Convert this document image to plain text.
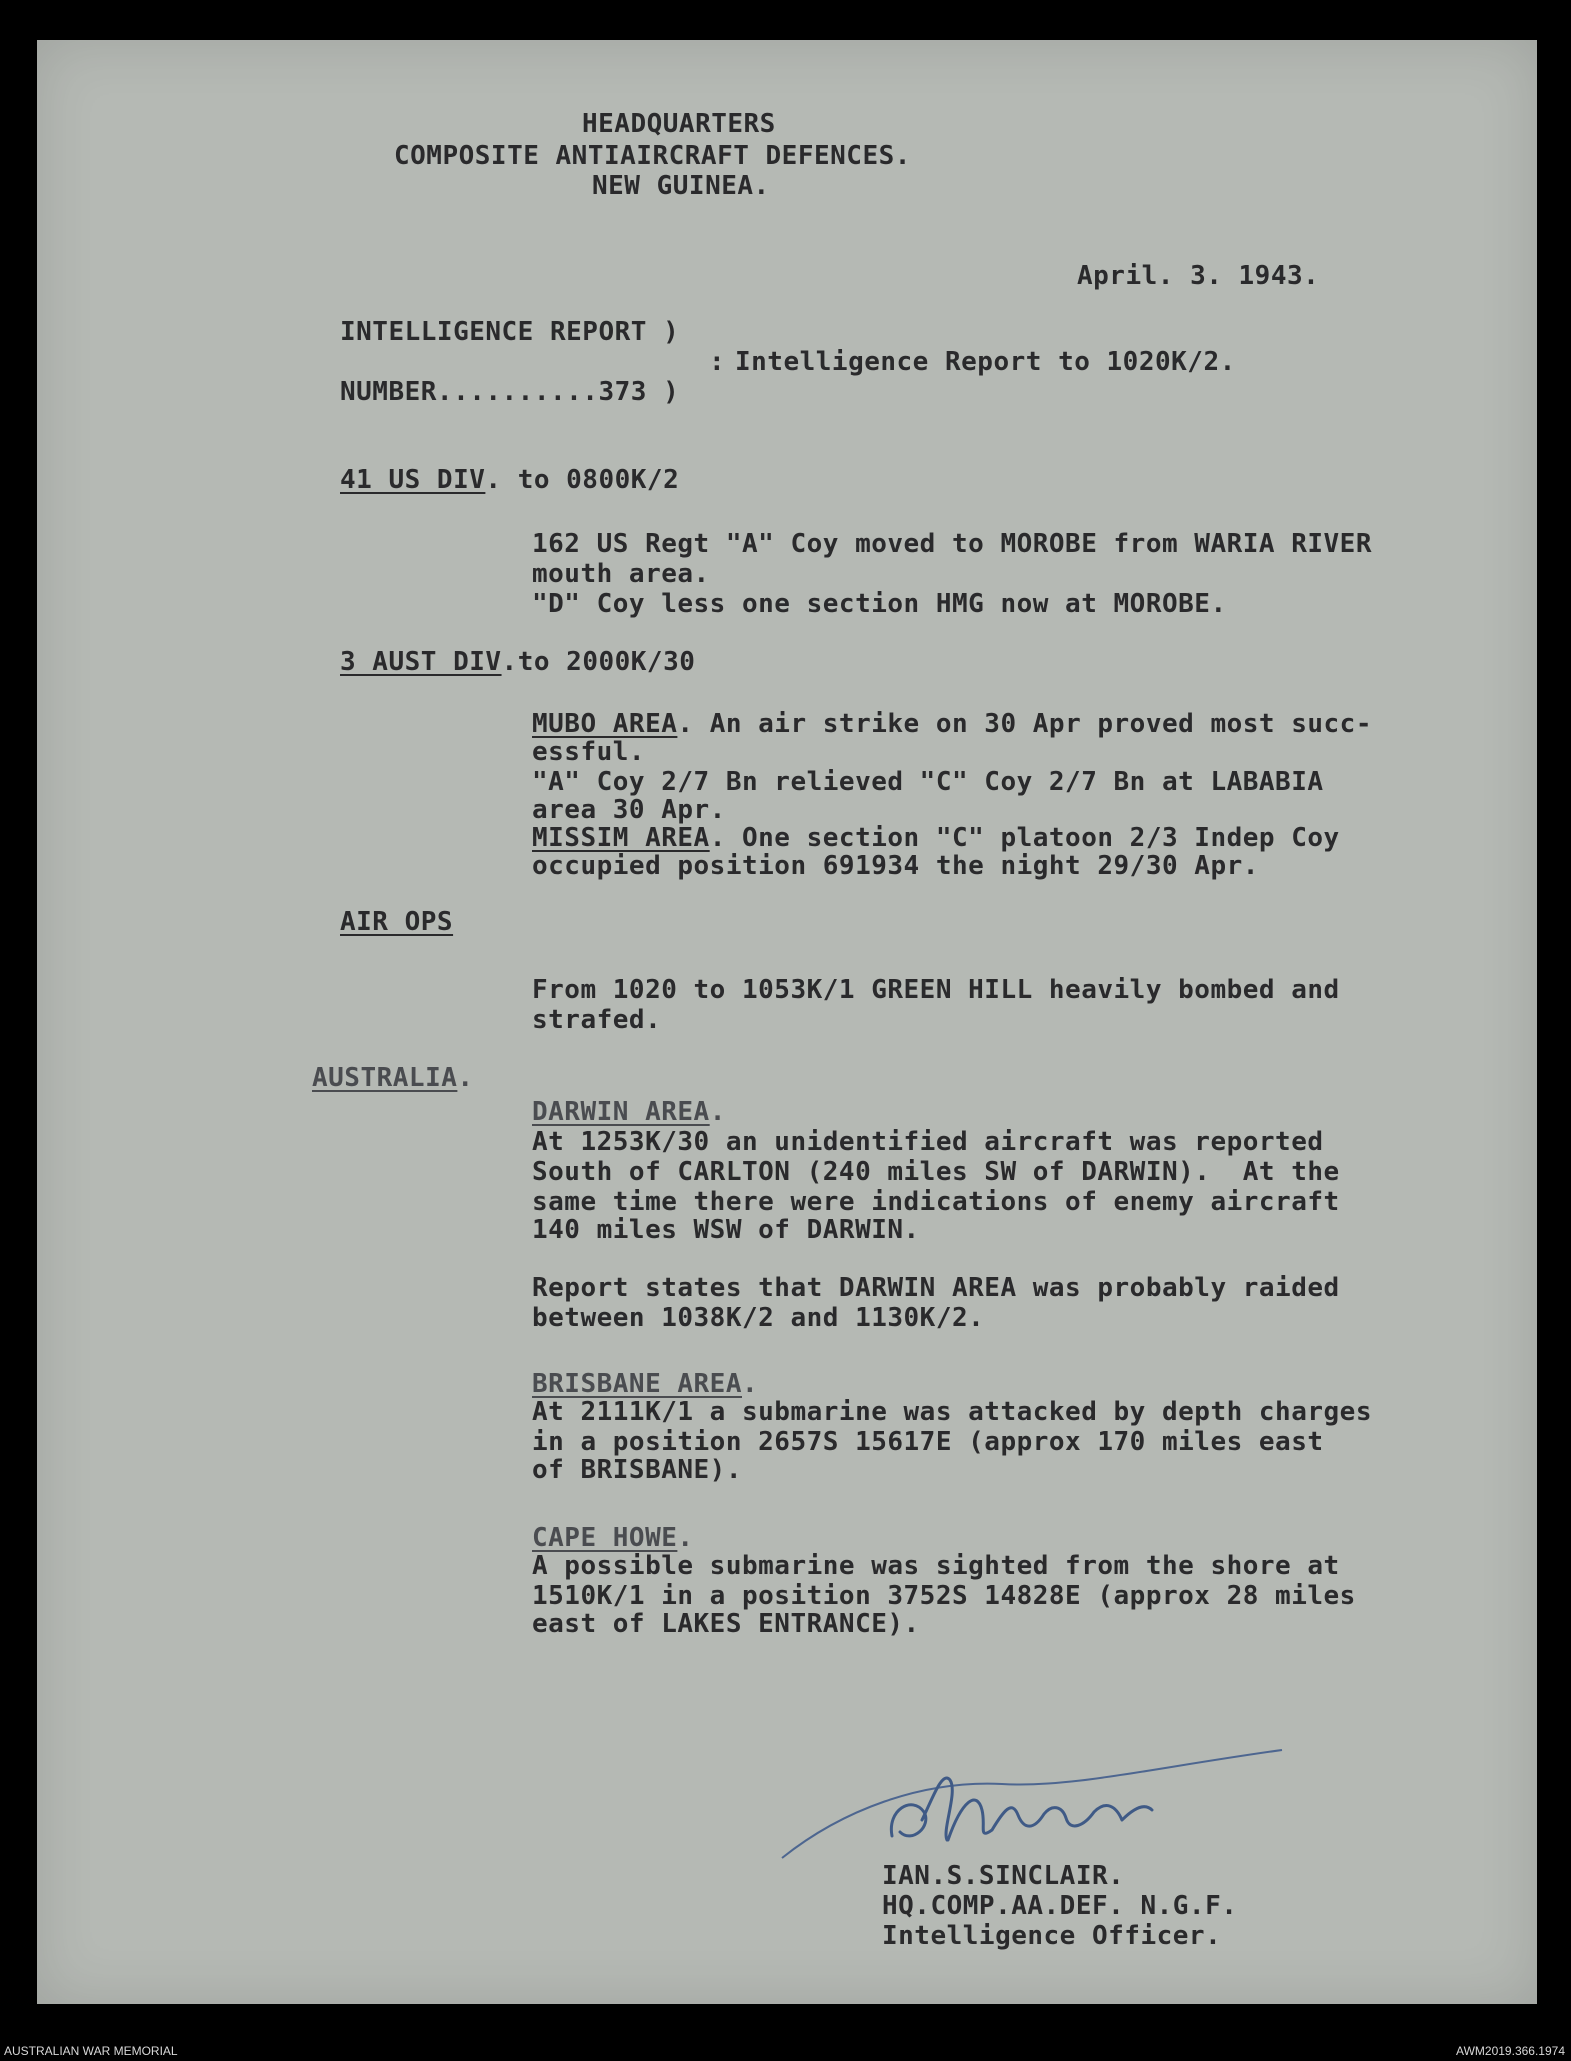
HEADQUARTERS
COMPOSITE ANTIAIRCRAFT DEFENCES.
NEW GUINEA.
April. 3. 1943.
INTELLIGENCE REPORT )
: Intelligence Report to 1020K/2.
NUMBER..........373 )
41 US DIV. to 0800K/2
162 US Regt "A" Coy moved to MOROBE from WARIA RIVER
mouth area.
"D" Coy less one section HMG now at MOROBE.
3 AUST DIV.to 2000K/30
MUBO AREA. An air strike on 30 Apr proved most succ-
essful.
"A" Coy 2/7 Bn relieved "C" Coy 2/7 Bn at LABABIA
area 30 Apr.
MISSIM AREA. One section "C" platoon 2/3 Indep Coy
occupied position 691934 the night 29/30 Apr.
AIR OPS
From 1020 to 1053K/1 GREEN HILL heavily bombed and
strafed.
AUSTRALIA.
DARWIN AREA.
At 1253K/30 an unidentified aircraft was reported
South of CARLTON (240 miles SW of DARWIN).  At the
same time there were indications of enemy aircraft
140 miles WSW of DARWIN.
Report states that DARWIN AREA was probably raided
between 1038K/2 and 1130K/2.
BRISBANE AREA.
At 2111K/1 a submarine was attacked by depth charges
in a position 2657S 15617E (approx 170 miles east
of BRISBANE).
CAPE HOWE.
A possible submarine was sighted from the shore at
1510K/1 in a position 3752S 14828E (approx 28 miles
east of LAKES ENTRANCE).
IAN.S.SINCLAIR.
HQ.COMP.AA.DEF. N.G.F.
Intelligence Officer.
AUSTRALIAN WAR MEMORIAL	AWM2019.366.1974
